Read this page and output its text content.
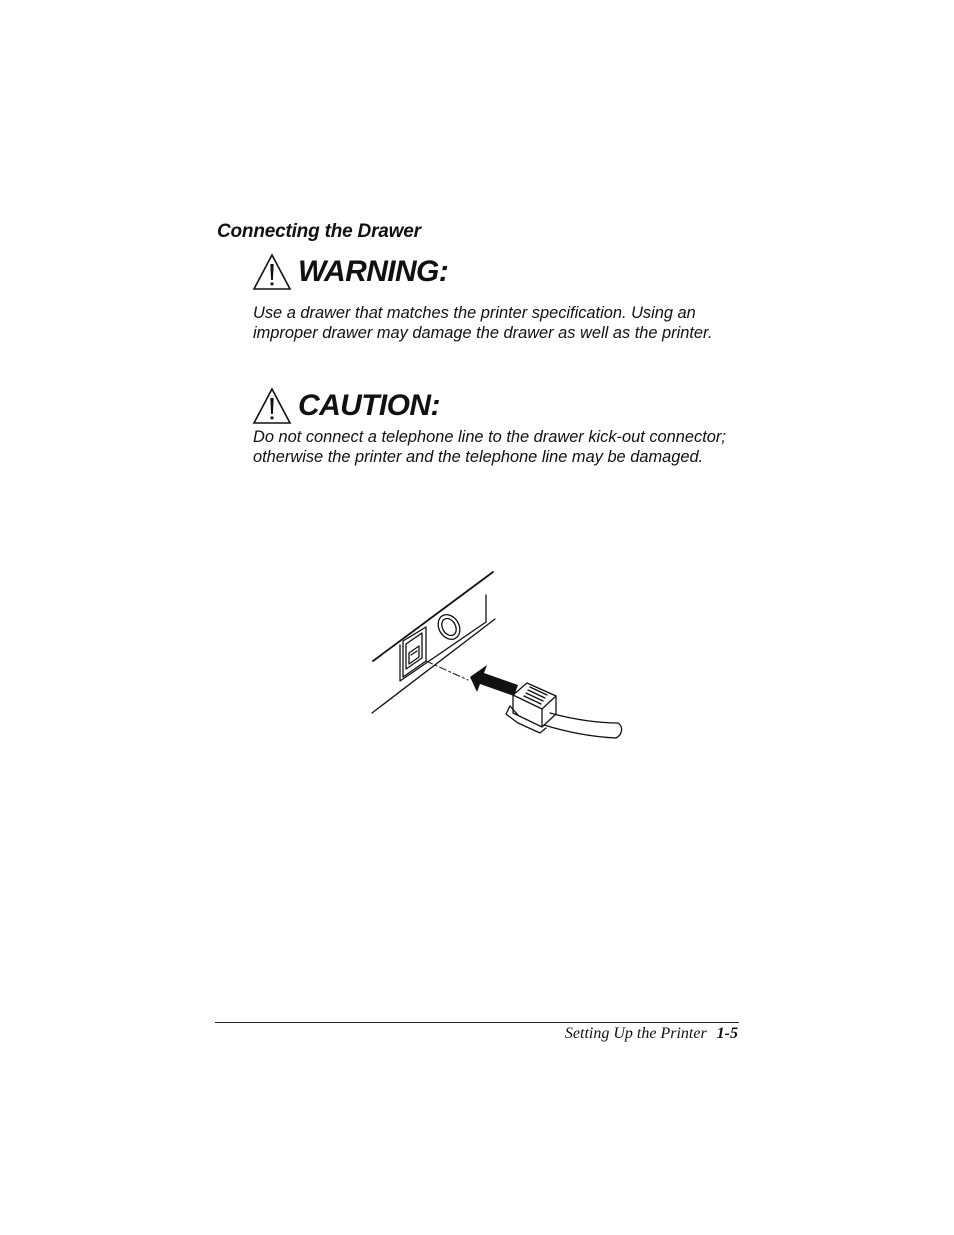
Connecting the Drawer
WARNING:

Use a drawer that matches the printer specification. Using an improper drawer may damage the drawer as well as the printer.

CAUTION:

Do not connect a telephone line to the drawer kick-out connector; otherwise the printer and the telephone line may be damaged.

Setting Up the Printer 1-5
